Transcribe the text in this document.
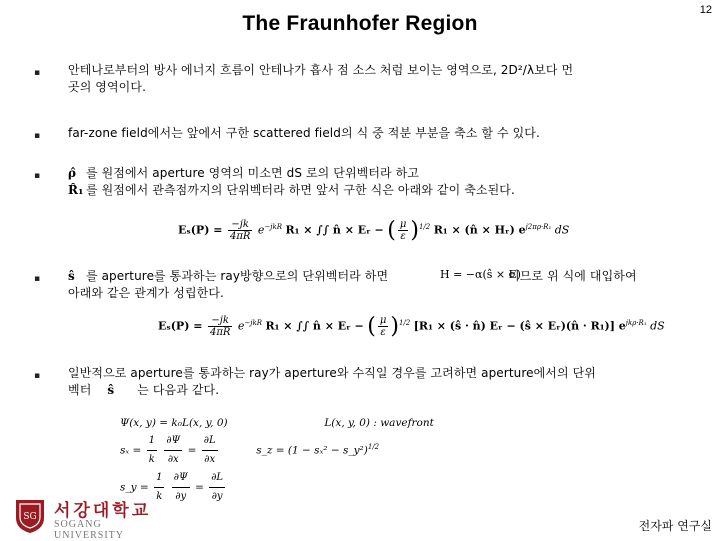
The Fraunhofer Region
12
▪ 안테나로부터의 방사 에너지 흐름이 안테나가 흡사 점 소스 처럼 보이는 영역으로, 2D²/λ보다 먼
곳의 영역이다.
▪ far-zone field에서는 앞에서 구한 scattered field의 식 중 적분 부분을 축소 할 수 있다.
▪ ρ̂ 를 원점에서 aperture 영역의 미소면 dS 로의 단위벡터라 하고
R̂₁ 를 원점에서 관측점까지의 단위벡터라 하면 앞서 구한 식은 아래와 같이 축소된다.
$E_s(P) = \frac{-jk}{4\pi R} e^{-jkR}$ R₁ × ∫∫ n̂ × Eᵣ − ( $\frac{\mu}{\varepsilon} )^{1/2}$ R₁ × (n̂ × Hᵣ) $e^{j2\pi\rho\cdot R_1}$ dS
▪ ŝ 를 aperture를 통과하는 ray방향으로의 단위벡터라 하면
아래와 같은 관계가 성립한다.
H = −α(ŝ × E)
이므로 위 식에 대입하여
$E_s(P) = \frac{-jk}{4\pi R} e^{-jkR}$ R₁ × ∫∫ n̂ × Eᵣ − ( $\frac{\mu}{\varepsilon} )^{1/2}$ [R₁ × (ŝ · n̂) Eᵣ − (ŝ × Eᵣ)(n̂ · R₁)] $e^{jk\rho\cdot R_1}$ dS
▪ 일반적으로 aperture를 통과하는 ray가 aperture와 수직일 경우를 고려하면 aperture에서의 단위
벡터 ŝ 는 다음과 같다.
Ψ(x, y) = k₀L(x, y, 0)	L(x, y, 0) : wavefront
$s_x = \frac{1}{k}$
$\frac{\partial\Psi}{\partial x} = \frac{\partial L}{\partial x}$	s_z = (1 − sₓ² − s_y²)$^{1/2}$
s_y = $\frac{1}{k}$
$\frac{\partial\Psi}{\partial y} = \frac{\partial L}{\partial y}$
SG 서강대학교
SOGANG UNIVERSITY
전자파 연구실
